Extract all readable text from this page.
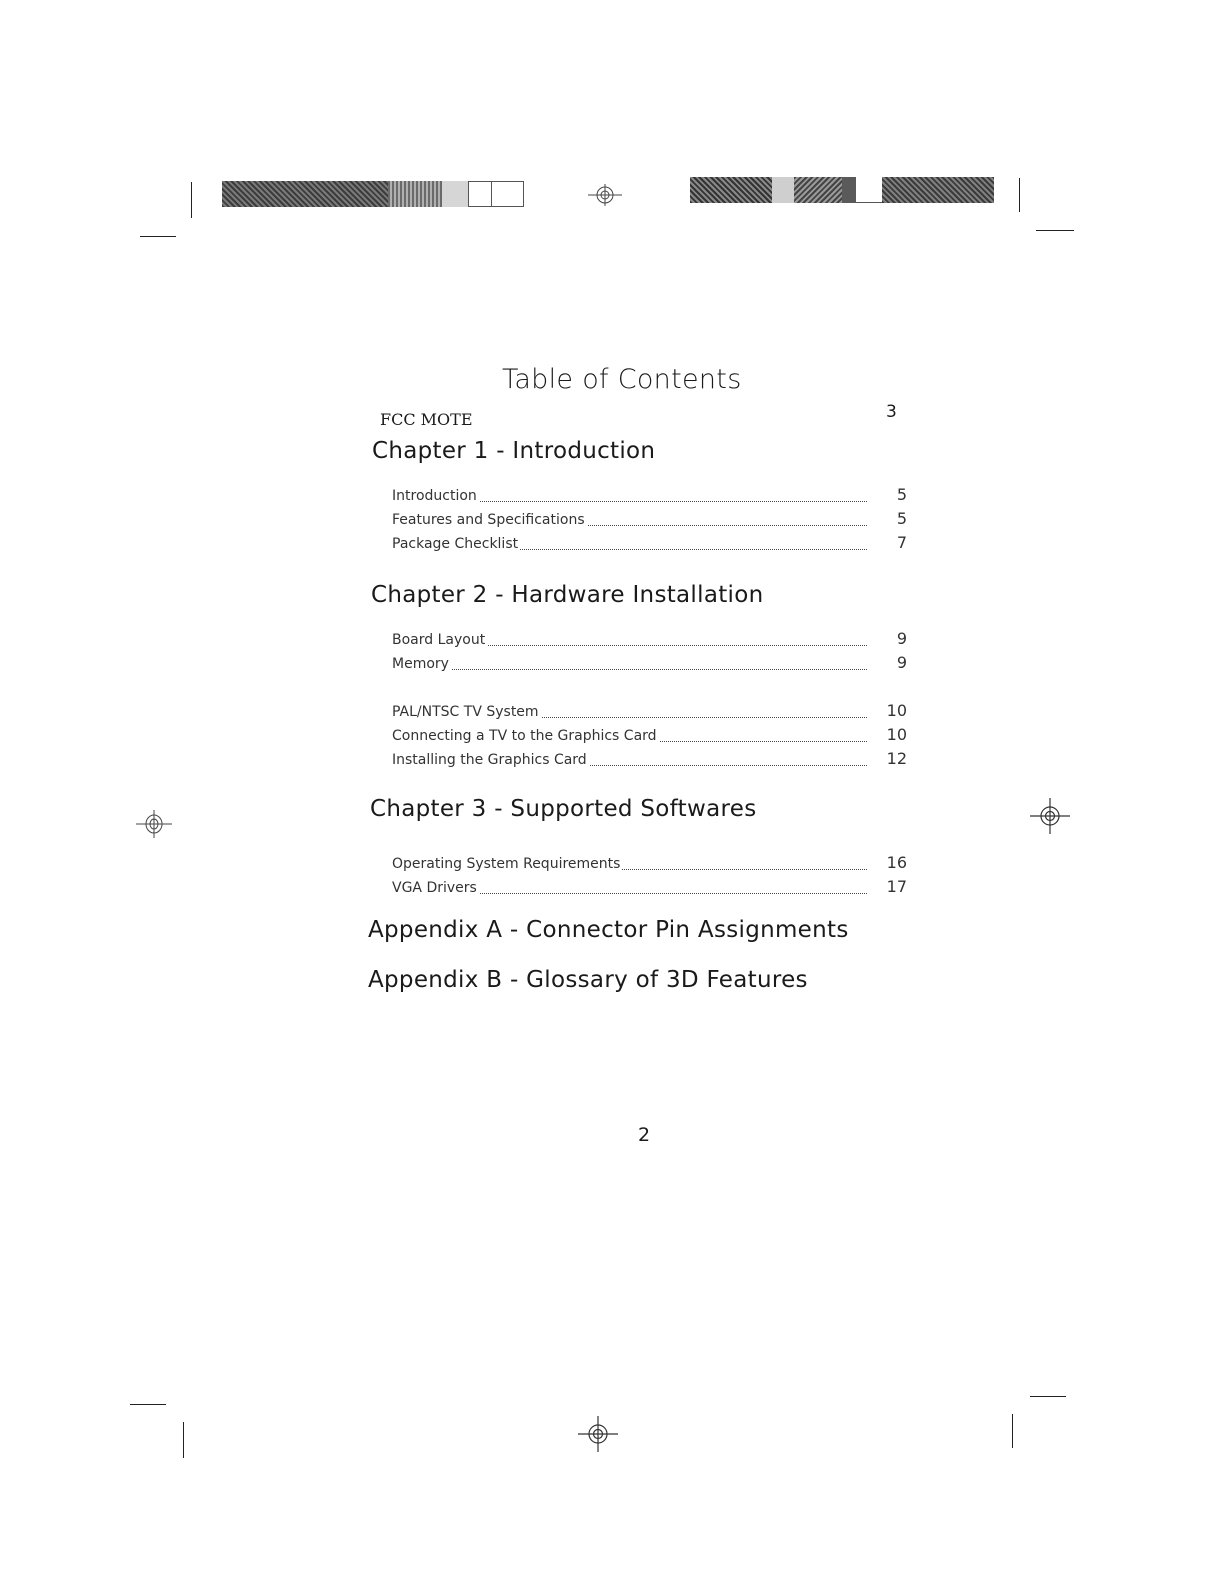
Table of Contents
FCC MOTE	3
Chapter 1 - Introduction
Introduction	5
Features and Specifications	5
Package Checklist	7
Chapter 2 - Hardware Installation
Board Layout	9
Memory	9
PAL/NTSC TV System	10
Connecting a TV to the Graphics Card	10
Installing the Graphics Card	12
Chapter 3 - Supported Softwares
Operating System Requirements	16
VGA Drivers	17
Appendix A - Connector Pin Assignments
Appendix B - Glossary of 3D Features
2
